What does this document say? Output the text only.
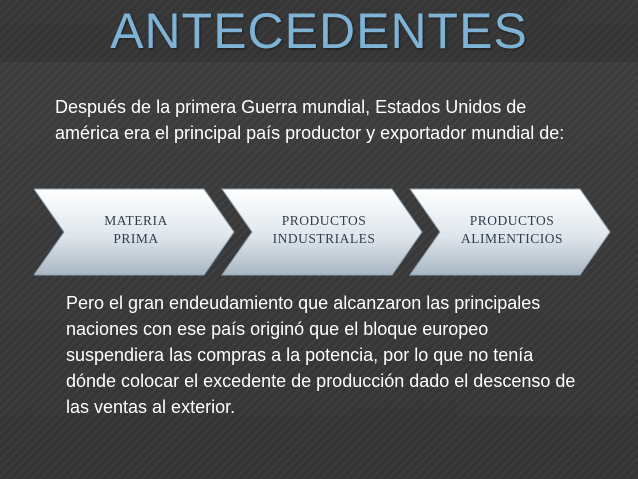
ANTECEDENTES
Después de la primera Guerra mundial, Estados Unidos de américa era el principal país productor y exportador mundial de:
MATERIA
PRIMA
PRODUCTOS
INDUSTRIALES
PRODUCTOS
ALIMENTICIOS
Pero el gran endeudamiento que alcanzaron las principales naciones con ese país originó que el bloque europeo suspendiera las compras a la potencia, por lo que no tenía dónde colocar el excedente de producción dado el descenso de las ventas al exterior.
